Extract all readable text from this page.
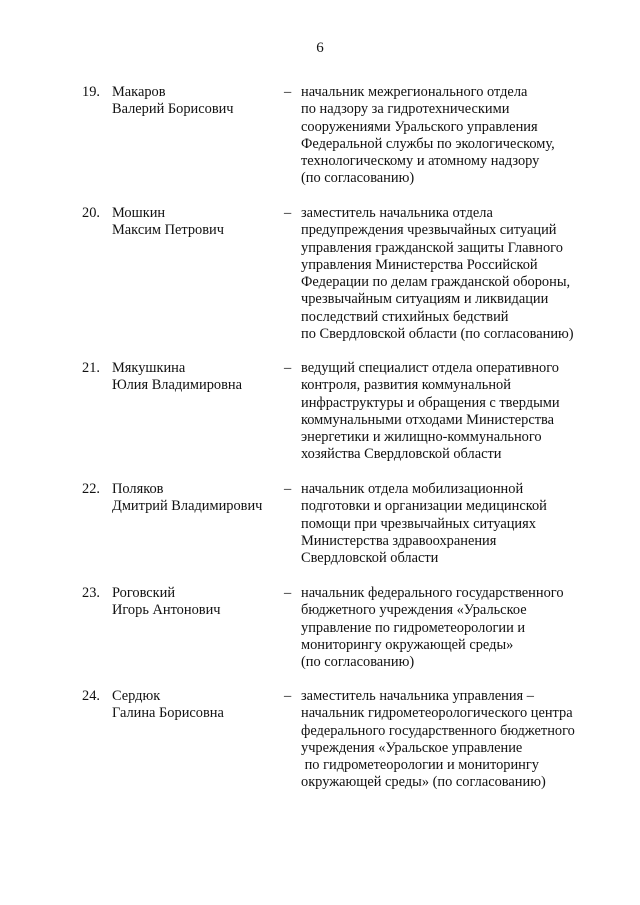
6
19. Макаров
Валерий Борисович
– начальник межрегионального отдела
по надзору за гидротехническими
сооружениями Уральского управления
Федеральной службы по экологическому,
технологическому и атомному надзору
(по согласованию)
20. Мошкин
Максим Петрович
– заместитель начальника отдела
предупреждения чрезвычайных ситуаций
управления гражданской защиты Главного
управления Министерства Российской
Федерации по делам гражданской обороны,
чрезвычайным ситуациям и ликвидации
последствий стихийных бедствий
по Свердловской области (по согласованию)
21. Мякушкина
Юлия Владимировна
– ведущий специалист отдела оперативного
контроля, развития коммунальной
инфраструктуры и обращения с твердыми
коммунальными отходами Министерства
энергетики и жилищно-коммунального
хозяйства Свердловской области
22. Поляков
Дмитрий Владимирович
– начальник отдела мобилизационной
подготовки и организации медицинской
помощи при чрезвычайных ситуациях
Министерства здравоохранения
Свердловской области
23. Роговский
Игорь Антонович
– начальник федерального государственного
бюджетного учреждения «Уральское
управление по гидрометеорологии и
мониторингу окружающей среды»
(по согласованию)
24. Сердюк
Галина Борисовна
– заместитель начальника управления –
начальник гидрометеорологического центра
федерального государственного бюджетного
учреждения «Уральское управление
по гидрометеорологии и мониторингу
окружающей среды» (по согласованию)
